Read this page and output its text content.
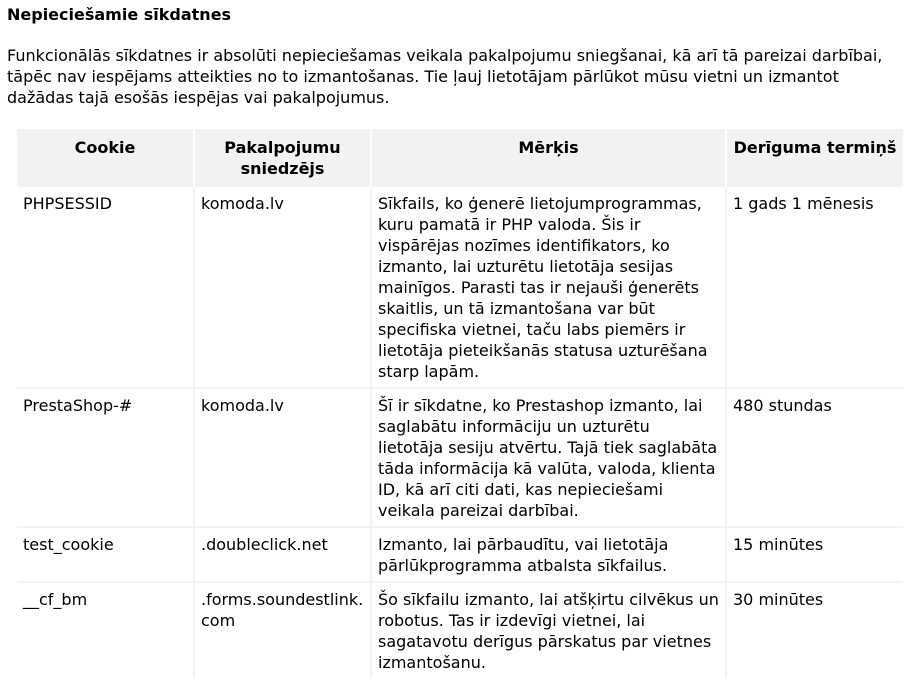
Nepieciešamie sīkdatnes

Funkcionālās sīkdatnes ir absolūti nepieciešamas veikala pakalpojumu sniegšanai, kā arī tā pareizai darbībai, tāpēc nav iespējams atteikties no to izmantošanas. Tie ļauj lietotājam pārlūkot mūsu vietni un izmantot dažādas tajā esošās iespējas vai pakalpojumus.

Cookie	Pakalpojumu sniedzējs	Mērķis	Derīguma termiņš
PHPSESSID	komoda.lv	Sīkfails, ko ģenerē lietojumprogrammas, kuru pamatā ir PHP valoda. Šis ir vispārējas nozīmes identifikators, ko izmanto, lai uzturētu lietotāja sesijas mainīgos. Parasti tas ir nejauši ģenerēts skaitlis, un tā izmantošana var būt specifiska vietnei, taču labs piemērs ir lietotāja pieteikšanās statusa uzturēšana starp lapām.	1 gads 1 mēnesis
PrestaShop-#	komoda.lv	Šī ir sīkdatne, ko Prestashop izmanto, lai saglabātu informāciju un uzturētu lietotāja sesiju atvērtu. Tajā tiek saglabāta tāda informācija kā valūta, valoda, klienta ID, kā arī citi dati, kas nepieciešami veikala pareizai darbībai.	480 stundas
test_cookie	.doubleclick.net	Izmanto, lai pārbaudītu, vai lietotāja pārlūkprogramma atbalsta sīkfailus.	15 minūtes
__cf_bm	.forms.soundestlink.com	Šo sīkfailu izmanto, lai atšķirtu cilvēkus un robotus. Tas ir izdevīgi vietnei, lai sagatavotu derīgus pārskatus par vietnes izmantošanu.	30 minūtes
